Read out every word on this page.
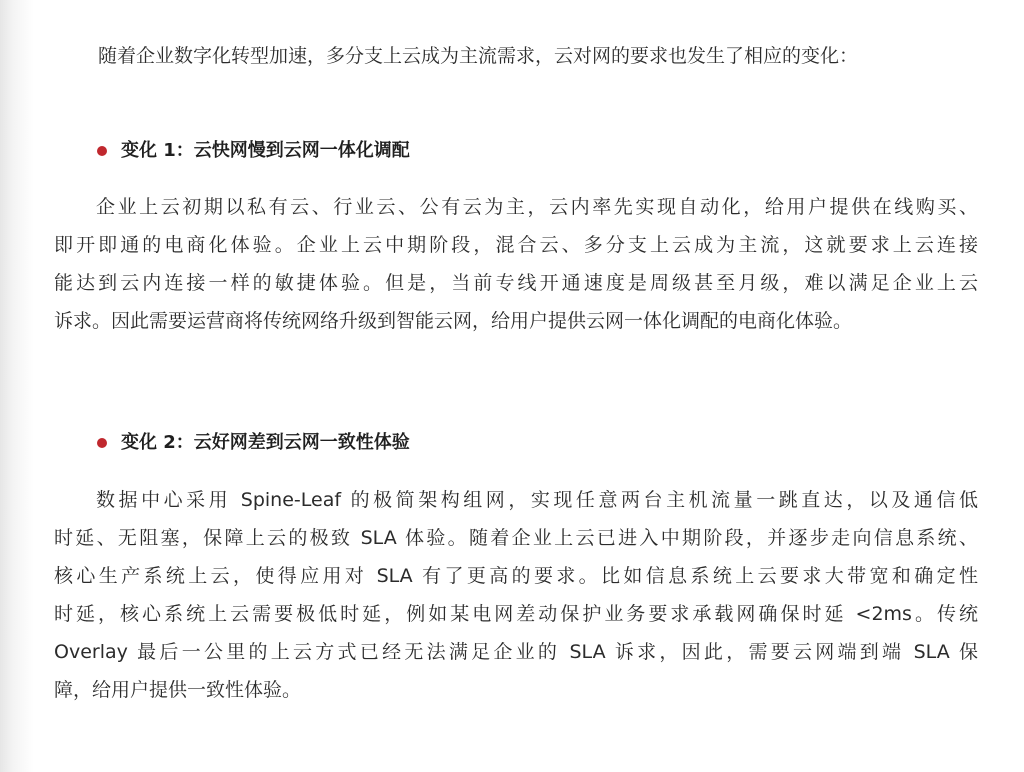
随着企业数字化转型加速，多分支上云成为主流需求，云对网的要求也发生了相应的变化：

变化 1：云快网慢到云网一体化调配
企业上云初期以私有云、行业云、公有云为主，云内率先实现自动化，给用户提供在线购买、
即开即通的电商化体验。企业上云中期阶段，混合云、多分支上云成为主流，这就要求上云连接
能达到云内连接一样的敏捷体验。但是，当前专线开通速度是周级甚至月级，难以满足企业上云
诉求。因此需要运营商将传统网络升级到智能云网，给用户提供云网一体化调配的电商化体验。
变化 2：云好网差到云网一致性体验
数据中心采用 Spine-Leaf 的极简架构组网，实现任意两台主机流量一跳直达，以及通信低
时延、无阻塞，保障上云的极致 SLA 体验。随着企业上云已进入中期阶段，并逐步走向信息系统、
核心生产系统上云，使得应用对 SLA 有了更高的要求。比如信息系统上云要求大带宽和确定性
时延，核心系统上云需要极低时延，例如某电网差动保护业务要求承载网确保时延 <2ms。传统
Overlay 最后一公里的上云方式已经无法满足企业的 SLA 诉求，因此，需要云网端到端 SLA 保
障，给用户提供一致性体验。
